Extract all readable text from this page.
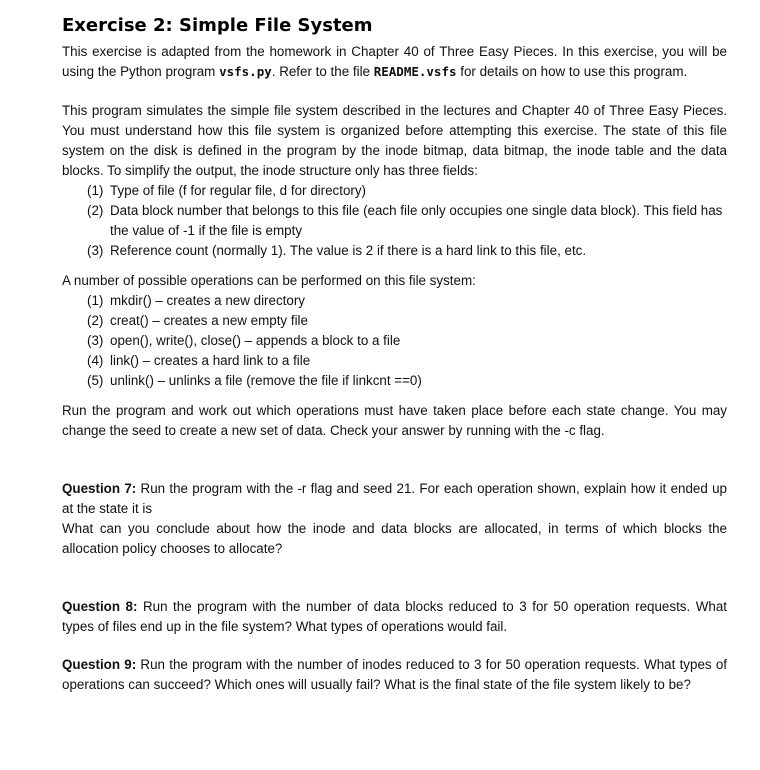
Exercise 2: Simple File System

This exercise is adapted from the homework in Chapter 40 of Three Easy Pieces. In this exercise, you will be using the Python program vsfs.py. Refer to the file README.vsfs for details on how to use this program.

This program simulates the simple file system described in the lectures and Chapter 40 of Three Easy Pieces. You must understand how this file system is organized before attempting this exercise. The state of this file system on the disk is defined in the program by the inode bitmap, data bitmap, the inode table and the data blocks. To simplify the output, the inode structure only has three fields:

(1) Type of file (f for regular file, d for directory)
(2) Data block number that belongs to this file (each file only occupies one single data block). This field has the value of -1 if the file is empty
(3) Reference count (normally 1). The value is 2 if there is a hard link to this file, etc.

A number of possible operations can be performed on this file system:

(1) mkdir() – creates a new directory
(2) creat() – creates a new empty file
(3) open(), write(), close() – appends a block to a file
(4) link() – creates a hard link to a file
(5) unlink() – unlinks a file (remove the file if linkcnt ==0)

Run the program and work out which operations must have taken place before each state change. You may change the seed to create a new set of data. Check your answer by running with the -c flag.

Question 7: Run the program with the -r flag and seed 21. For each operation shown, explain how it ended up at the state it is

What can you conclude about how the inode and data blocks are allocated, in terms of which blocks the allocation policy chooses to allocate?

Question 8: Run the program with the number of data blocks reduced to 3 for 50 operation requests. What types of files end up in the file system? What types of operations would fail.

Question 9: Run the program with the number of inodes reduced to 3 for 50 operation requests. What types of operations can succeed? Which ones will usually fail? What is the final state of the file system likely to be?
